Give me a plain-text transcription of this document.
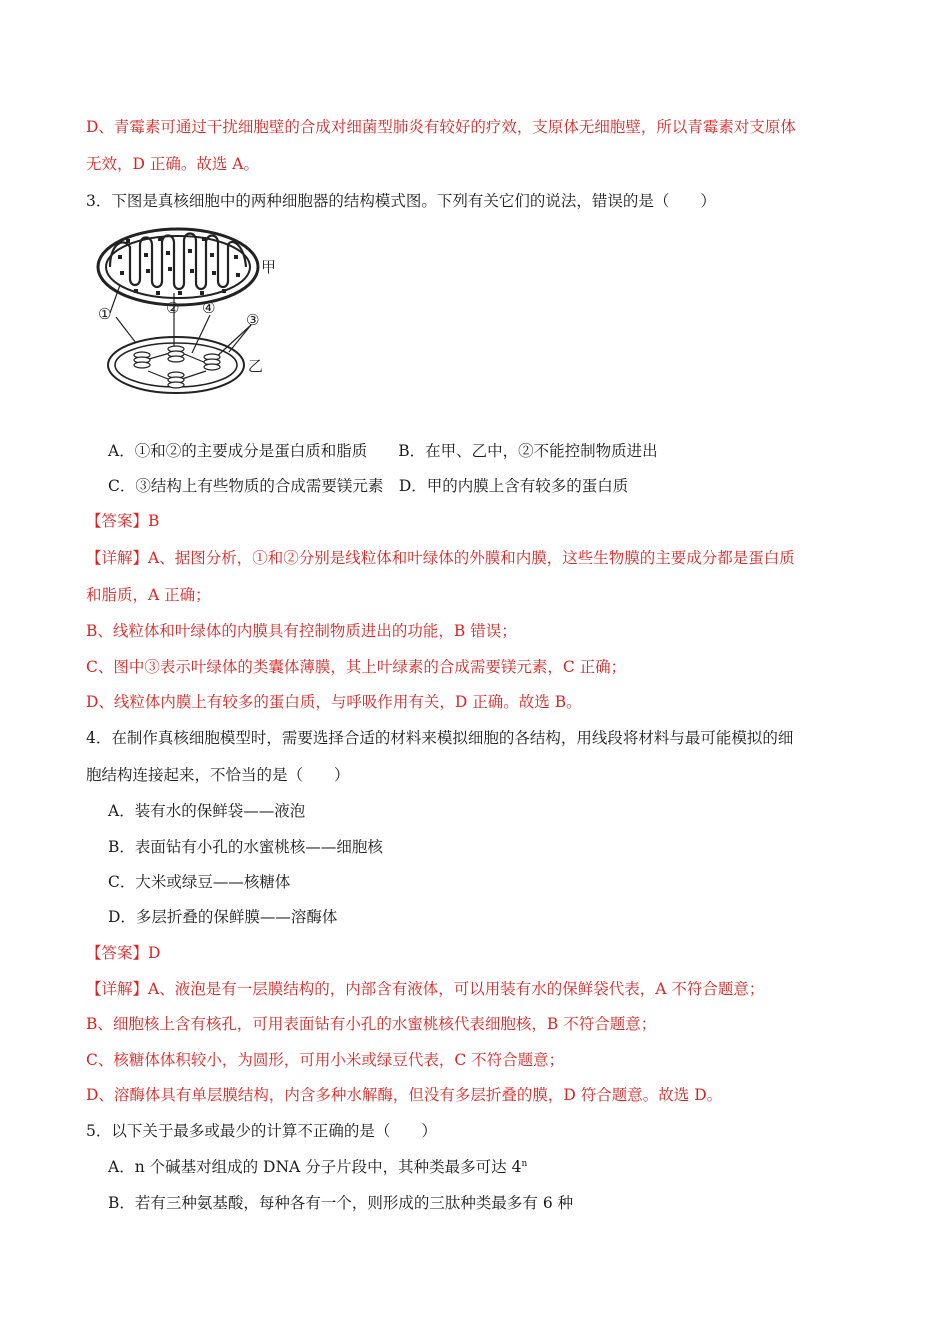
D、青霉素可通过干扰细胞壁的合成对细菌型肺炎有较好的疗效，支原体无细胞壁，所以青霉素对支原体
无效，D 正确。故选 A。
3．下图是真核细胞中的两种细胞器的结构模式图。下列有关它们的说法，错误的是（　　）
甲
①	② ④
③
乙
A．①和②的主要成分是蛋白质和脂质　　B．在甲、乙中，②不能控制物质进出
C．③结构上有些物质的合成需要镁元素　D．甲的内膜上含有较多的蛋白质
【答案】B
【详解】A、据图分析，①和②分别是线粒体和叶绿体的外膜和内膜，这些生物膜的主要成分都是蛋白质
和脂质，A 正确；
B、线粒体和叶绿体的内膜具有控制物质进出的功能，B 错误；
C、图中③表示叶绿体的类囊体薄膜，其上叶绿素的合成需要镁元素，C 正确；
D、线粒体内膜上有较多的蛋白质，与呼吸作用有关，D 正确。故选 B。
4．在制作真核细胞模型时，需要选择合适的材料来模拟细胞的各结构，用线段将材料与最可能模拟的细
胞结构连接起来，不恰当的是（　　）
A．装有水的保鲜袋——液泡
B．表面钻有小孔的水蜜桃核——细胞核
C．大米或绿豆——核糖体
D．多层折叠的保鲜膜——溶酶体
【答案】D
【详解】A、液泡是有一层膜结构的，内部含有液体，可以用装有水的保鲜袋代表，A 不符合题意；
B、细胞核上含有核孔，可用表面钻有小孔的水蜜桃核代表细胞核，B 不符合题意；
C、核糖体体积较小，为圆形，可用小米或绿豆代表，C 不符合题意；
D、溶酶体具有单层膜结构，内含多种水解酶，但没有多层折叠的膜，D 符合题意。故选 D。
5．以下关于最多或最少的计算不正确的是（　　）
A．n 个碱基对组成的 DNA 分子片段中，其种类最多可达 4$^n$
B．若有三种氨基酸，每种各有一个，则形成的三肽种类最多有 6 种
